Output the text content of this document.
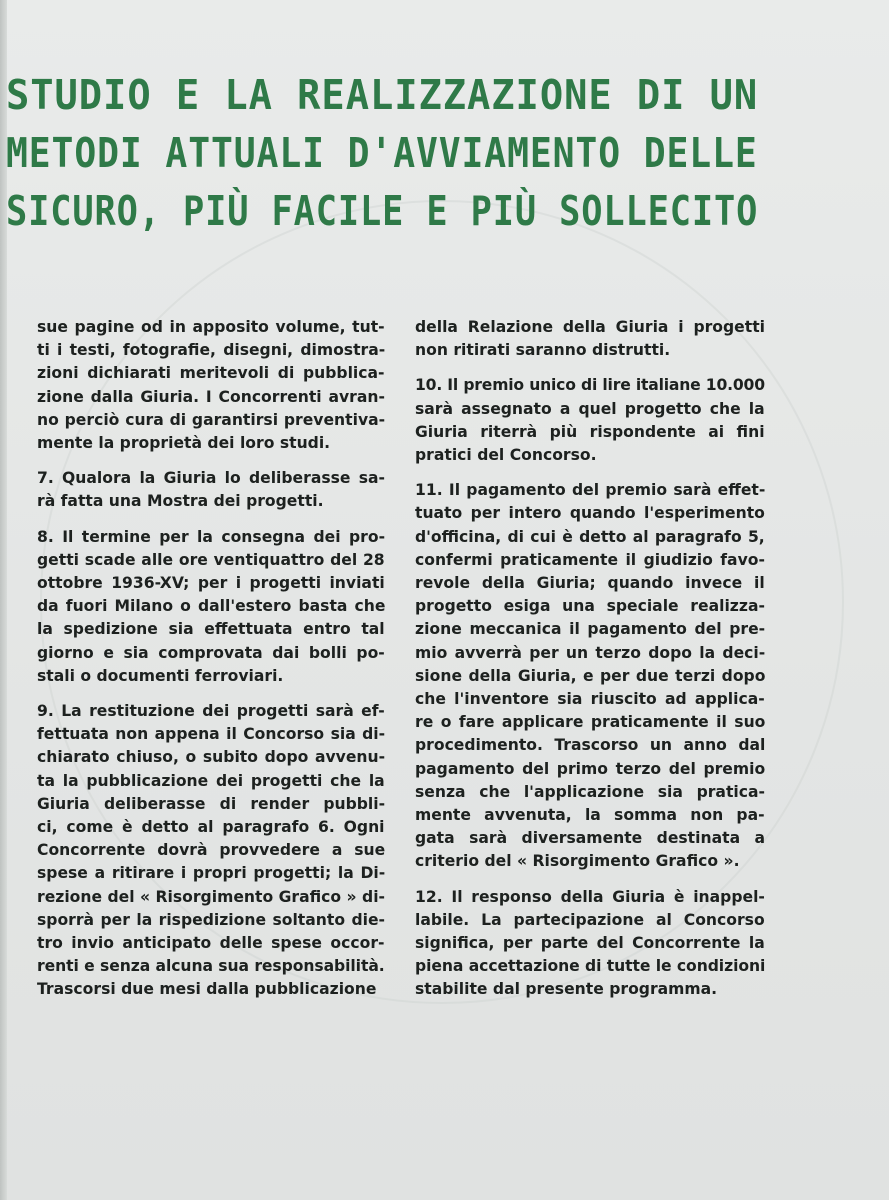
STUDIO E LA REALIZZAZIONE DI UN
METODI ATTUALI D'AVVIAMENTO DELLE
SICURO, PIÙ FACILE E PIÙ SOLLECITO

sue pagine od in apposito volume, tut-
ti i testi, fotografie, disegni, dimostra-
zioni dichiarati meritevoli di pubblica-
zione dalla Giuria. I Concorrenti avran-
no perciò cura di garantirsi preventiva-
mente la proprietà dei loro studi.

7. Qualora la Giuria lo deliberasse sa-
rà fatta una Mostra dei progetti.

8. Il termine per la consegna dei pro-
getti scade alle ore ventiquattro del 28
ottobre 1936-XV; per i progetti inviati
da fuori Milano o dall'estero basta che
la spedizione sia effettuata entro tal
giorno e sia comprovata dai bolli po-
stali o documenti ferroviari.

9. La restituzione dei progetti sarà ef-
fettuata non appena il Concorso sia di-
chiarato chiuso, o subito dopo avvenu-
ta la pubblicazione dei progetti che la
Giuria deliberasse di render pubbli-
ci, come è detto al paragrafo 6. Ogni
Concorrente dovrà provvedere a sue
spese a ritirare i propri progetti; la Di-
rezione del « Risorgimento Grafico » di-
sporrà per la rispedizione soltanto die-
tro invio anticipato delle spese occor-
renti e senza alcuna sua responsabilità.
Trascorsi due mesi dalla pubblicazione

della Relazione della Giuria i progetti
non ritirati saranno distrutti.

10. Il premio unico di lire italiane 10.000
sarà assegnato a quel progetto che la
Giuria riterrà più rispondente ai fini
pratici del Concorso.

11. Il pagamento del premio sarà effet-
tuato per intero quando l'esperimento
d'officina, di cui è detto al paragrafo 5,
confermi praticamente il giudizio favo-
revole della Giuria; quando invece il
progetto esiga una speciale realizza-
zione meccanica il pagamento del pre-
mio avverrà per un terzo dopo la deci-
sione della Giuria, e per due terzi dopo
che l'inventore sia riuscito ad applica-
re o fare applicare praticamente il suo
procedimento. Trascorso un anno dal
pagamento del primo terzo del premio
senza che l'applicazione sia pratica-
mente avvenuta, la somma non pa-
gata sarà diversamente destinata a
criterio del « Risorgimento Grafico ».

12. Il responso della Giuria è inappel-
labile. La partecipazione al Concorso
significa, per parte del Concorrente la
piena accettazione di tutte le condizioni
stabilite dal presente programma.
